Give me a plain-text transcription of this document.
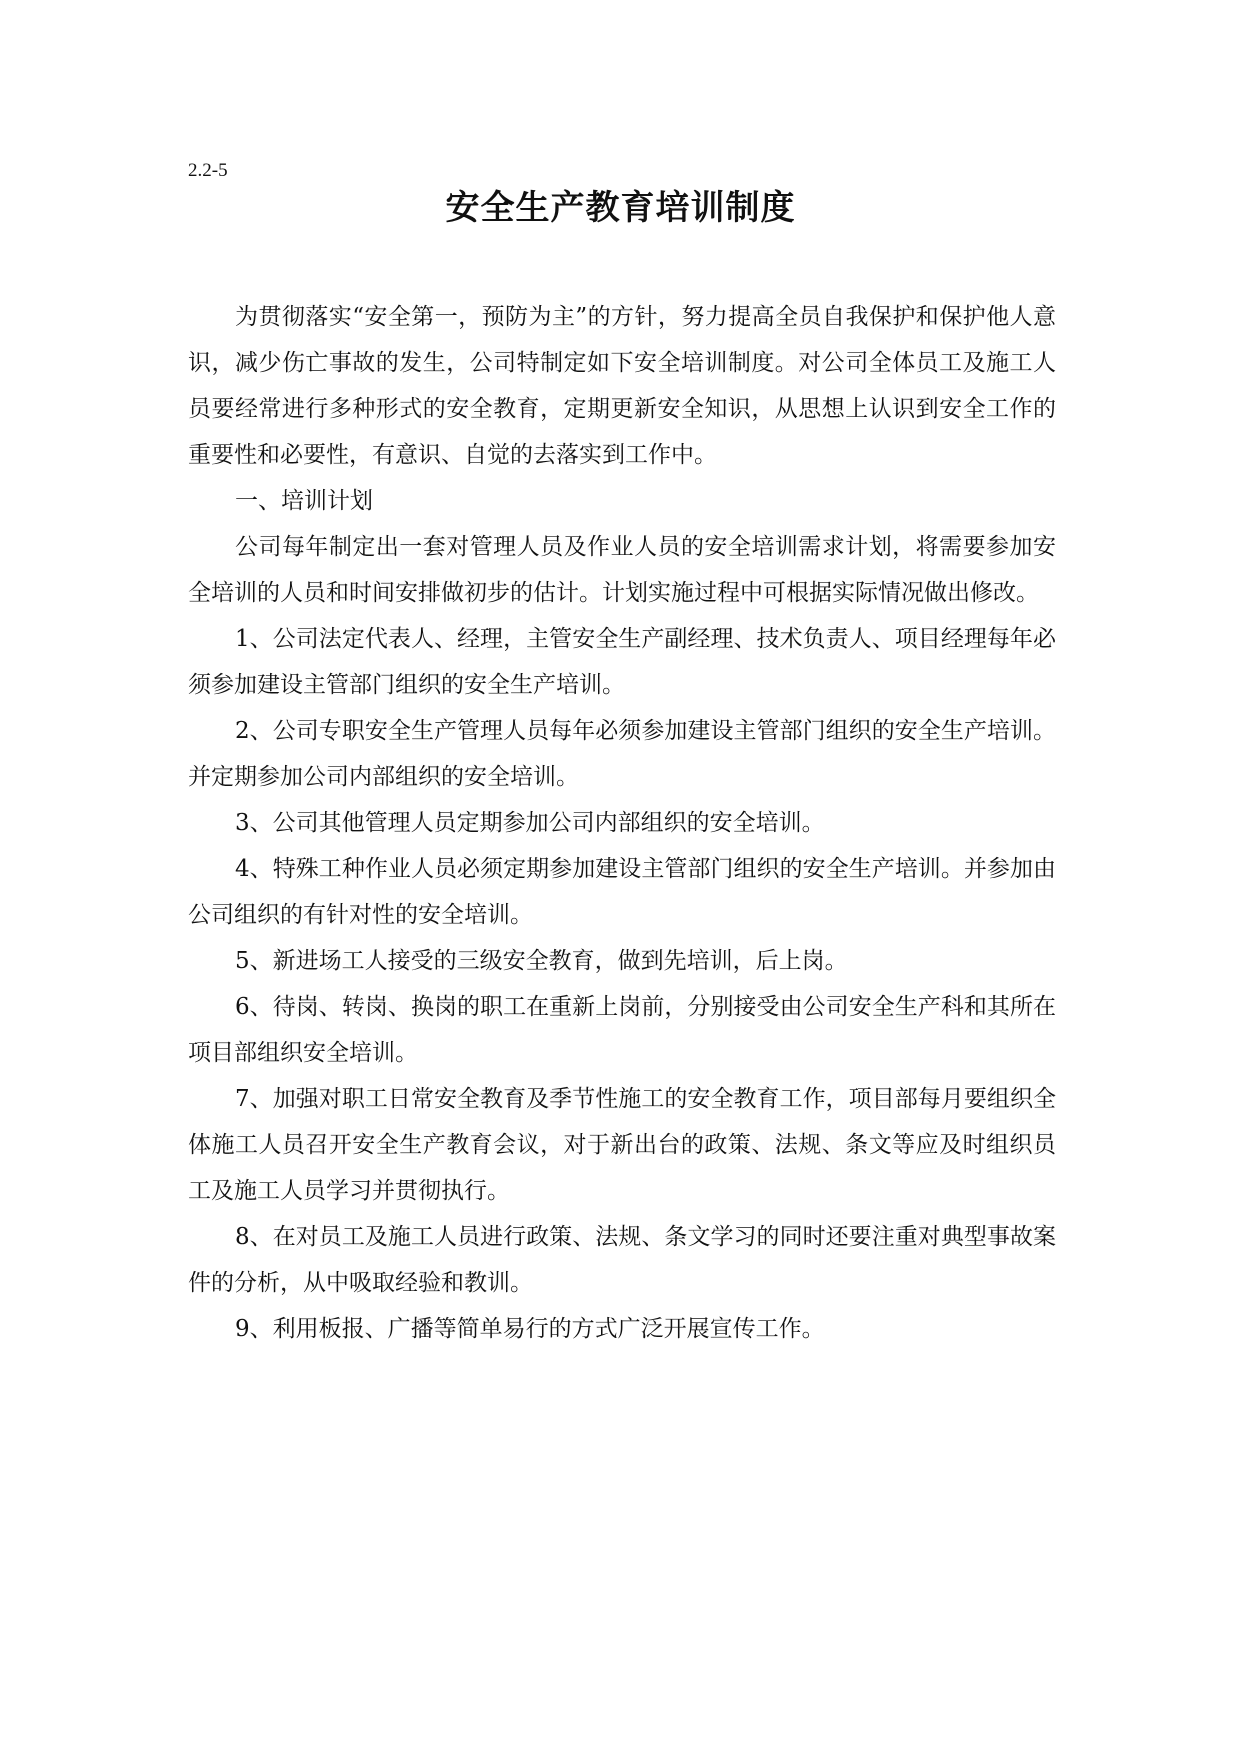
2.2-5
安全生产教育培训制度

为贯彻落实“安全第一，预防为主”的方针，努力提高全员自我保护和保护他人意识，减少伤亡事故的发生，公司特制定如下安全培训制度。对公司全体员工及施工人员要经常进行多种形式的安全教育，定期更新安全知识，从思想上认识到安全工作的重要性和必要性，有意识、自觉的去落实到工作中。

一、培训计划

公司每年制定出一套对管理人员及作业人员的安全培训需求计划，将需要参加安全培训的人员和时间安排做初步的估计。计划实施过程中可根据实际情况做出修改。

1、公司法定代表人、经理，主管安全生产副经理、技术负责人、项目经理每年必须参加建设主管部门组织的安全生产培训。

2、公司专职安全生产管理人员每年必须参加建设主管部门组织的安全生产培训。并定期参加公司内部组织的安全培训。

3、公司其他管理人员定期参加公司内部组织的安全培训。

4、特殊工种作业人员必须定期参加建设主管部门组织的安全生产培训。并参加由公司组织的有针对性的安全培训。

5、新进场工人接受的三级安全教育，做到先培训，后上岗。

6、待岗、转岗、换岗的职工在重新上岗前，分别接受由公司安全生产科和其所在项目部组织安全培训。

7、加强对职工日常安全教育及季节性施工的安全教育工作，项目部每月要组织全体施工人员召开安全生产教育会议，对于新出台的政策、法规、条文等应及时组织员工及施工人员学习并贯彻执行。

8、在对员工及施工人员进行政策、法规、条文学习的同时还要注重对典型事故案件的分析，从中吸取经验和教训。

9、利用板报、广播等简单易行的方式广泛开展宣传工作。
